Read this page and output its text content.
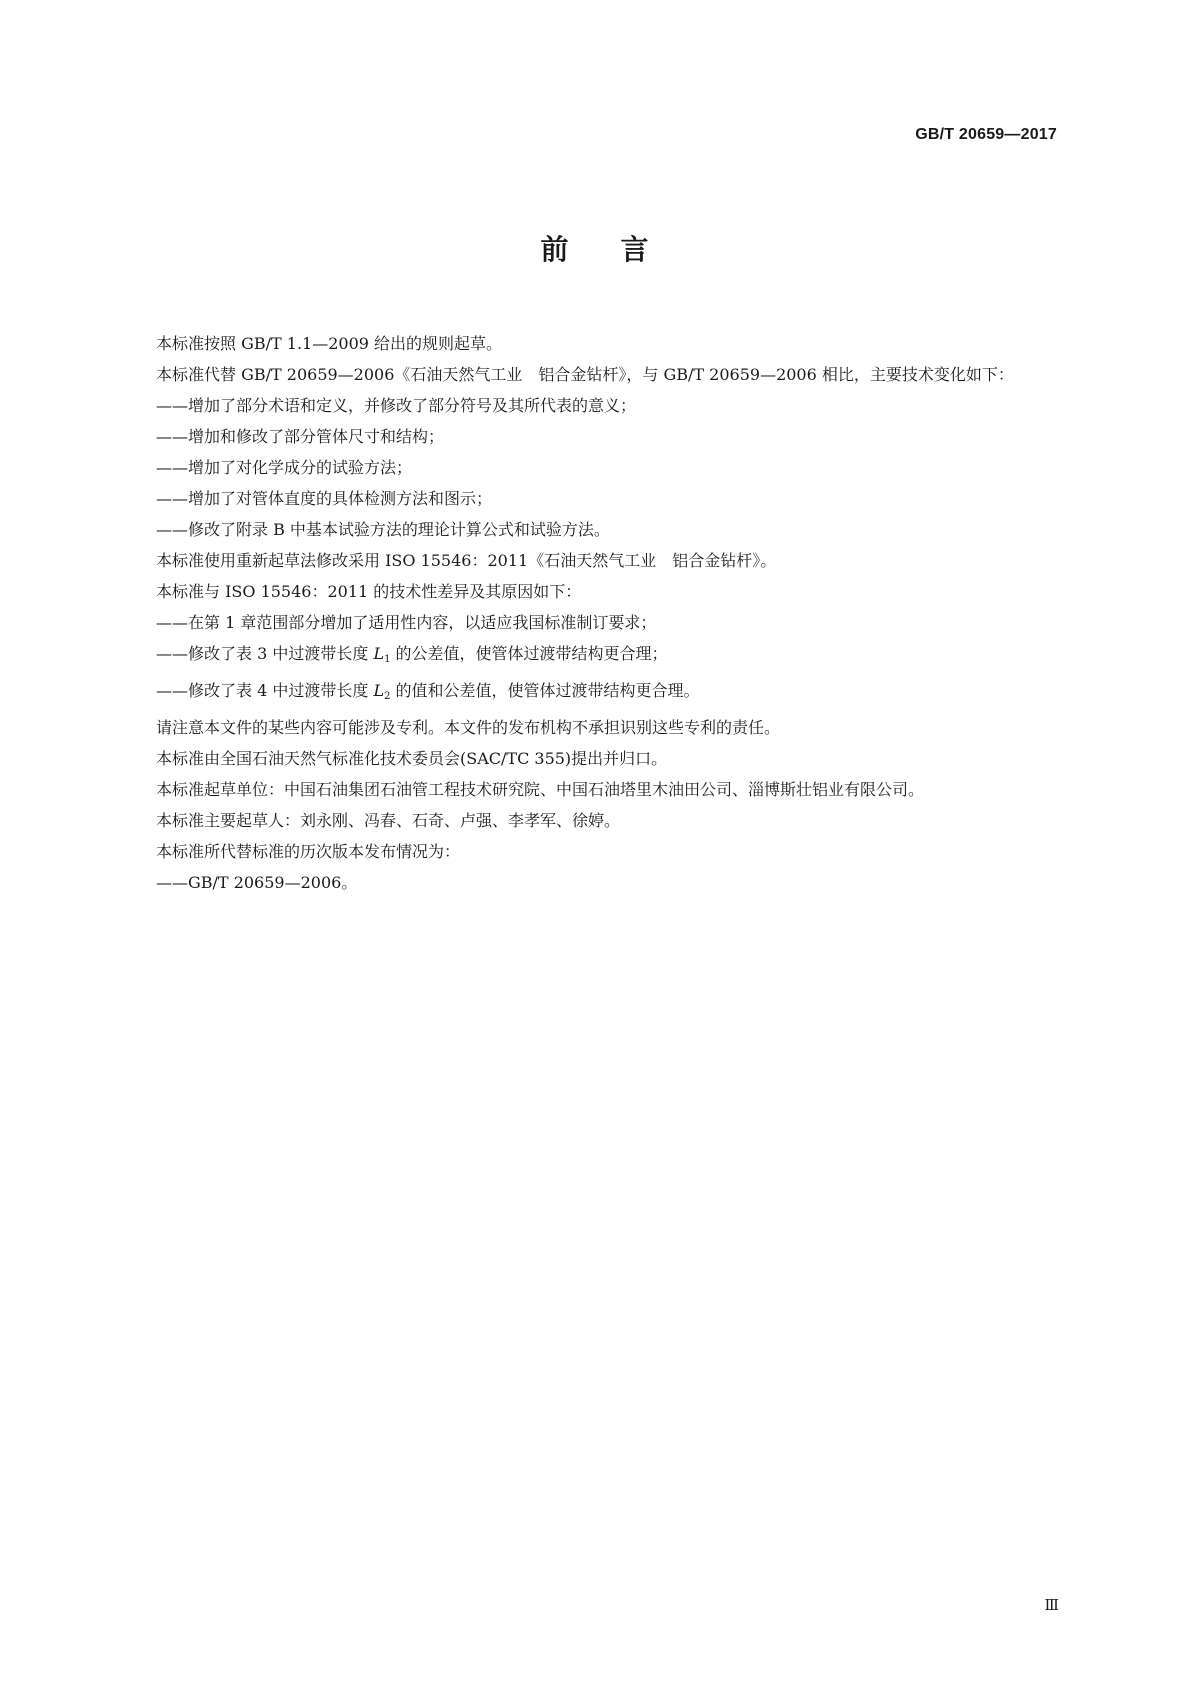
GB/T 20659—2017
前 言

本标准按照 GB/T 1.1—2009 给出的规则起草。

本标准代替 GB/T 20659—2006《石油天然气工业　铝合金钻杆》，与 GB/T 20659—2006 相比，主要技术变化如下：

——增加了部分术语和定义，并修改了部分符号及其所代表的意义；

——增加和修改了部分管体尺寸和结构；

——增加了对化学成分的试验方法；

——增加了对管体直度的具体检测方法和图示；

——修改了附录 B 中基本试验方法的理论计算公式和试验方法。

本标准使用重新起草法修改采用 ISO 15546：2011《石油天然气工业　铝合金钻杆》。

本标准与 ISO 15546：2011 的技术性差异及其原因如下：

——在第 1 章范围部分增加了适用性内容，以适应我国标准制订要求；

——修改了表 3 中过渡带长度 $L_1$ 的公差值，使管体过渡带结构更合理；

——修改了表 4 中过渡带长度 $L_2$ 的值和公差值，使管体过渡带结构更合理。

请注意本文件的某些内容可能涉及专利。本文件的发布机构不承担识别这些专利的责任。

本标准由全国石油天然气标准化技术委员会(SAC/TC 355)提出并归口。

本标准起草单位：中国石油集团石油管工程技术研究院、中国石油塔里木油田公司、淄博斯壮铝业有限公司。

本标准主要起草人：刘永刚、冯春、石奇、卢强、李孝军、徐婷。

本标准所代替标准的历次版本发布情况为：

——GB/T 20659—2006。

Ⅲ
